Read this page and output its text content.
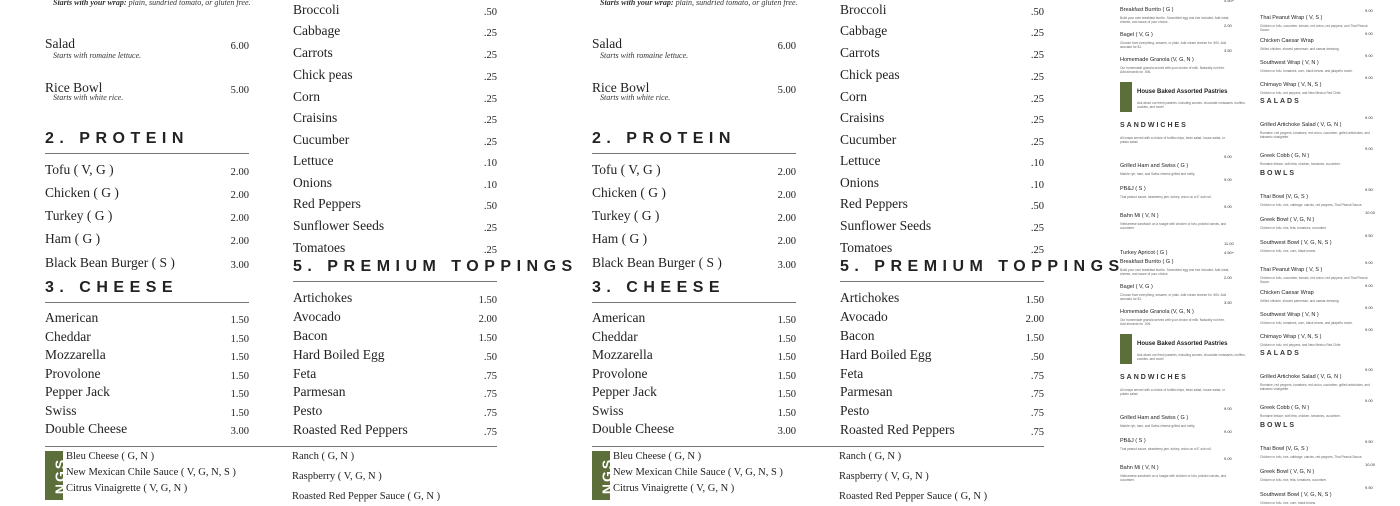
Starts with your wrap: plain, sundried tomato, or gluten free.
Salad	6.00
Starts with romaine lettuce.
Rice Bowl	5.00
Starts with white rice.
2. PROTEIN
Tofu ( V, G )	2.00
Chicken ( G )	2.00
Turkey ( G )	2.00
Ham ( G )	2.00
Black Bean Burger ( S )	3.00
3. CHEESE
American	1.50
Cheddar	1.50
Mozzarella	1.50
Provolone	1.50
Pepper Jack	1.50
Swiss	1.50
Double Cheese	3.00
Broccoli	.50
Cabbage	.25
Carrots	.25
Chick peas	.25
Corn	.25
Craisins	.25
Cucumber	.25
Lettuce	.10
Onions	.10
Red Peppers	.50
Sunflower Seeds	.25
Tomatoes	.25
5. PREMIUM TOPPINGS
Artichokes	1.50
Avocado	2.00
Bacon	1.50
Hard Boiled Egg	.50
Feta	.75
Parmesan	.75
Pesto	.75
Roasted Red Peppers	.75
NGS
Bleu Cheese ( G, N )
New Mexican Chile Sauce ( V, G, N, S )
Citrus Vinaigrette ( V, G, N )
Ranch ( G, N )
Raspberry ( V, G, N )
Roasted Red Pepper Sauce ( G, N )
Starts with your wrap: plain, sundried tomato, or gluten free.
Salad	6.00
Starts with romaine lettuce.
Rice Bowl	5.00
Starts with white rice.
2. PROTEIN
Tofu ( V, G )	2.00
Chicken ( G )	2.00
Turkey ( G )	2.00
Ham ( G )	2.00
Black Bean Burger ( S )	3.00
3. CHEESE
American	1.50
Cheddar	1.50
Mozzarella	1.50
Provolone	1.50
Pepper Jack	1.50
Swiss	1.50
Double Cheese	3.00
Broccoli	.50
Cabbage	.25
Carrots	.25
Chick peas	.25
Corn	.25
Craisins	.25
Cucumber	.25
Lettuce	.10
Onions	.10
Red Peppers	.50
Sunflower Seeds	.25
Tomatoes	.25
5. PREMIUM TOPPINGS
Artichokes	1.50
Avocado	2.00
Bacon	1.50
Hard Boiled Egg	.50
Feta	.75
Parmesan	.75
Pesto	.75
Roasted Red Peppers	.75
NGS
Bleu Cheese ( G, N )
New Mexican Chile Sauce ( V, G, N, S )
Citrus Vinaigrette ( V, G, N )
Ranch ( G, N )
Raspberry ( V, G, N )
Roasted Red Pepper Sauce ( G, N )
Breakfast Burrito ( G )
Build your own breakfast burrito. Scrambled egg and rice included. Add meat, cheese, and sauce of your choice.
4.50+
Bagel ( V, G )
Choose from everything, sesame, or plain. Add cream cheese for .50¢. Add avocado for $1.
2.00
Homemade Granola (V, G, N )
Our homemade granola served with your choice of milk. Naturally nut free. Add almonds for .50¢.
3.50
House Baked Assorted Pastries
Ask about our fresh pastries, including scones, chocolate croissants, muffins, cookies, and more!
SANDWICHES
All wraps served with a choice of tortilla chips, bean salad, house salad, or potato salad.
Grilled Ham and Swiss ( G )
Marble rye, ham, and Swiss cheese grilled and melty.
9.00
PB&J ( S )
Thai peanut sauce, strawberry jam, turkey, onion on a 6" sub roll.
9.00
Bahn Mi ( V, N )
Vietnamese sandwich on a hoagie with chicken or tofu, pickled carrots, and cucumber.
9.00
Turkey Apricot ( G )
11.00
Thai Peanut Wrap ( V, S )
Chicken or tofu, cucumber, tomato, red onion, red peppers, and Thai Peanut Sauce.
9.00
Chicken Caesar Wrap
Grilled chicken, shaved parmesan, and caesar dressing.
9.00
Southwest Wrap ( V, N )
Chicken or tofu, tomatoes, corn, black beans, and jalapeño ranch.
9.00
Chimayo Wrap ( V, N, S )
Chicken or tofu, red peppers, and New Mexico Red Chile.
9.00
SALADS
Grilled Artichoke Salad ( V, G, N )
Romaine, red peppers, tomatoes, red onion, cucumber, grilled artichokes, and balsamic vinaigrette.
9.00
Greek Cobb ( G, N )
Romaine lettuce, with feta, chicken, tomatoes, cucumber.
9.00
BOWLS
Thai Bowl (V, G, S )
Chicken or tofu, rice, cabbage, carrots, red peppers, Thai Peanut Sauce.
9.50
Greek Bowl ( V, G, N )
Chicken or tofu, rice, feta, tomatoes, cucumber.
10.00
Southwest Bowl ( V, G, N, S )
Chicken or tofu, rice, corn, black beans.
9.50
Breakfast Burrito ( G )
Build your own breakfast burrito. Scrambled egg and rice included. Add meat, cheese, and sauce of your choice.
4.50+
Bagel ( V, G )
Choose from everything, sesame, or plain. Add cream cheese for .50¢. Add avocado for $1.
2.00
Homemade Granola (V, G, N )
Our homemade granola served with your choice of milk. Naturally nut free. Add almonds for .50¢.
3.50
House Baked Assorted Pastries
Ask about our fresh pastries, including scones, chocolate croissants, muffins, cookies, and more!
SANDWICHES
All wraps served with a choice of tortilla chips, bean salad, house salad, or potato salad.
Grilled Ham and Swiss ( G )
Marble rye, ham, and Swiss cheese grilled and melty.
9.00
PB&J ( S )
Thai peanut sauce, strawberry jam, turkey, onion on a 6" sub roll.
9.00
Bahn Mi ( V, N )
Vietnamese sandwich on a hoagie with chicken or tofu, pickled carrots, and cucumber.
9.00
Thai Peanut Wrap ( V, S )
Chicken or tofu, cucumber, tomato, red onion, red peppers, and Thai Peanut Sauce.
9.00
Chicken Caesar Wrap
Grilled chicken, shaved parmesan, and caesar dressing.
9.00
Southwest Wrap ( V, N )
Chicken or tofu, tomatoes, corn, black beans, and jalapeño ranch.
9.00
Chimayo Wrap ( V, N, S )
Chicken or tofu, red peppers, and New Mexico Red Chile.
9.00
SALADS
Grilled Artichoke Salad ( V, G, N )
Romaine, red peppers, tomatoes, red onion, cucumber, grilled artichokes, and balsamic vinaigrette.
9.00
Greek Cobb ( G, N )
Romaine lettuce, with feta, chicken, tomatoes, cucumber.
9.00
BOWLS
Thai Bowl (V, G, S )
Chicken or tofu, rice, cabbage, carrots, red peppers, Thai Peanut Sauce.
9.50
Greek Bowl ( V, G, N )
Chicken or tofu, rice, feta, tomatoes, cucumber.
10.00
Southwest Bowl ( V, G, N, S )
Chicken or tofu, rice, corn, black beans.
9.50
